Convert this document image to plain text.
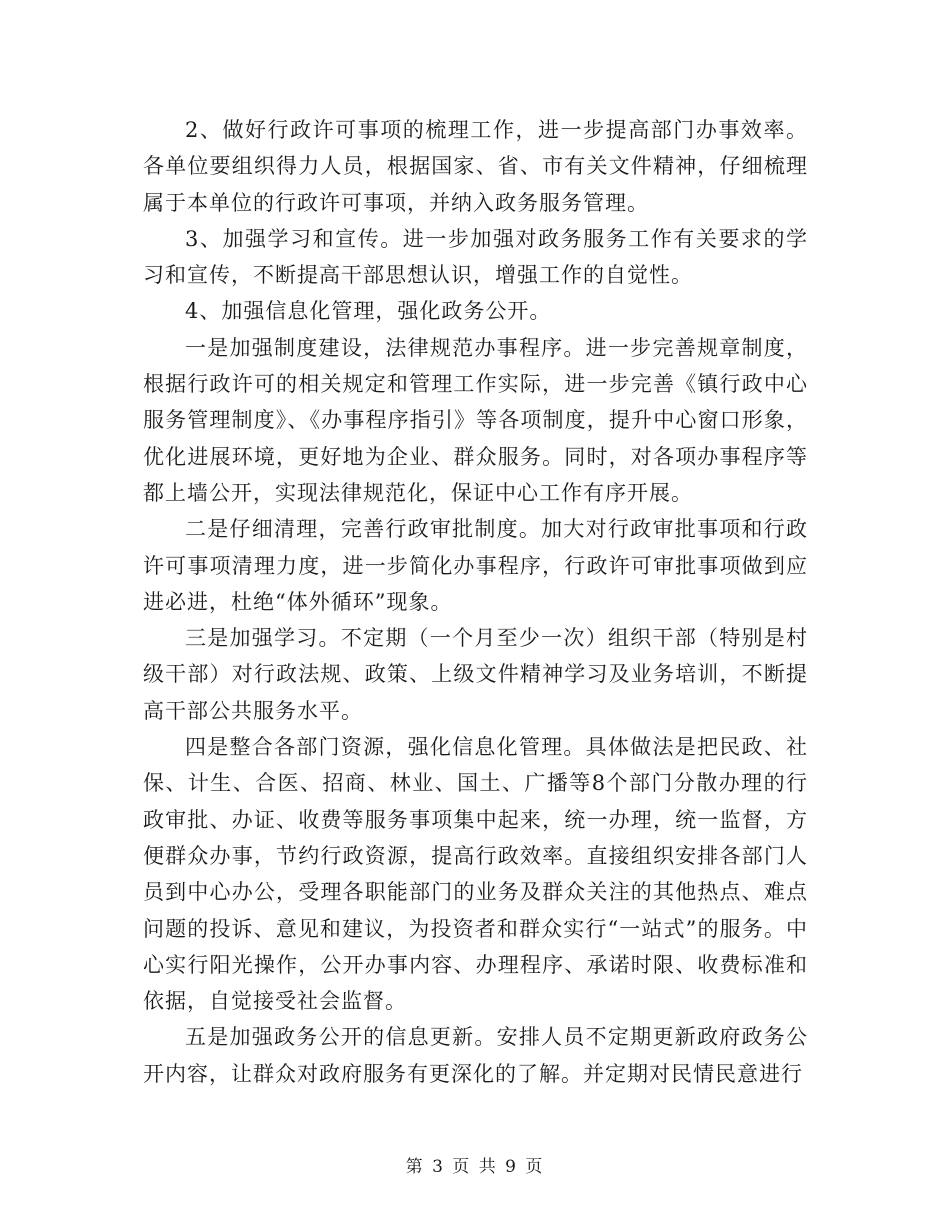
2、做好行政许可事项的梳理工作，进一步提高部门办事效率。各单位要组织得力人员，根据国家、省、市有关文件精神，仔细梳理属于本单位的行政许可事项，并纳入政务服务管理。

3、加强学习和宣传。进一步加强对政务服务工作有关要求的学习和宣传，不断提高干部思想认识，增强工作的自觉性。

4、加强信息化管理，强化政务公开。

一是加强制度建设，法律规范办事程序。进一步完善规章制度，根据行政许可的相关规定和管理工作实际，进一步完善《镇行政中心服务管理制度》、《办事程序指引》等各项制度，提升中心窗口形象，优化进展环境，更好地为企业、群众服务。同时，对各项办事程序等都上墙公开，实现法律规范化，保证中心工作有序开展。

二是仔细清理，完善行政审批制度。加大对行政审批事项和行政许可事项清理力度，进一步简化办事程序，行政许可审批事项做到应进必进，杜绝“体外循环”现象。

三是加强学习。不定期（一个月至少一次）组织干部（特别是村级干部）对行政法规、政策、上级文件精神学习及业务培训，不断提高干部公共服务水平。

四是整合各部门资源，强化信息化管理。具体做法是把民政、社保、计生、合医、招商、林业、国土、广播等8个部门分散办理的行政审批、办证、收费等服务事项集中起来，统一办理，统一监督，方便群众办事，节约行政资源，提高行政效率。直接组织安排各部门人员到中心办公，受理各职能部门的业务及群众关注的其他热点、难点问题的投诉、意见和建议，为投资者和群众实行“一站式”的服务。中心实行阳光操作，公开办事内容、办理程序、承诺时限、收费标准和依据，自觉接受社会监督。

五是加强政务公开的信息更新。安排人员不定期更新政府政务公开内容，让群众对政府服务有更深化的了解。并定期对民情民意进行

第 3 页 共 9 页
